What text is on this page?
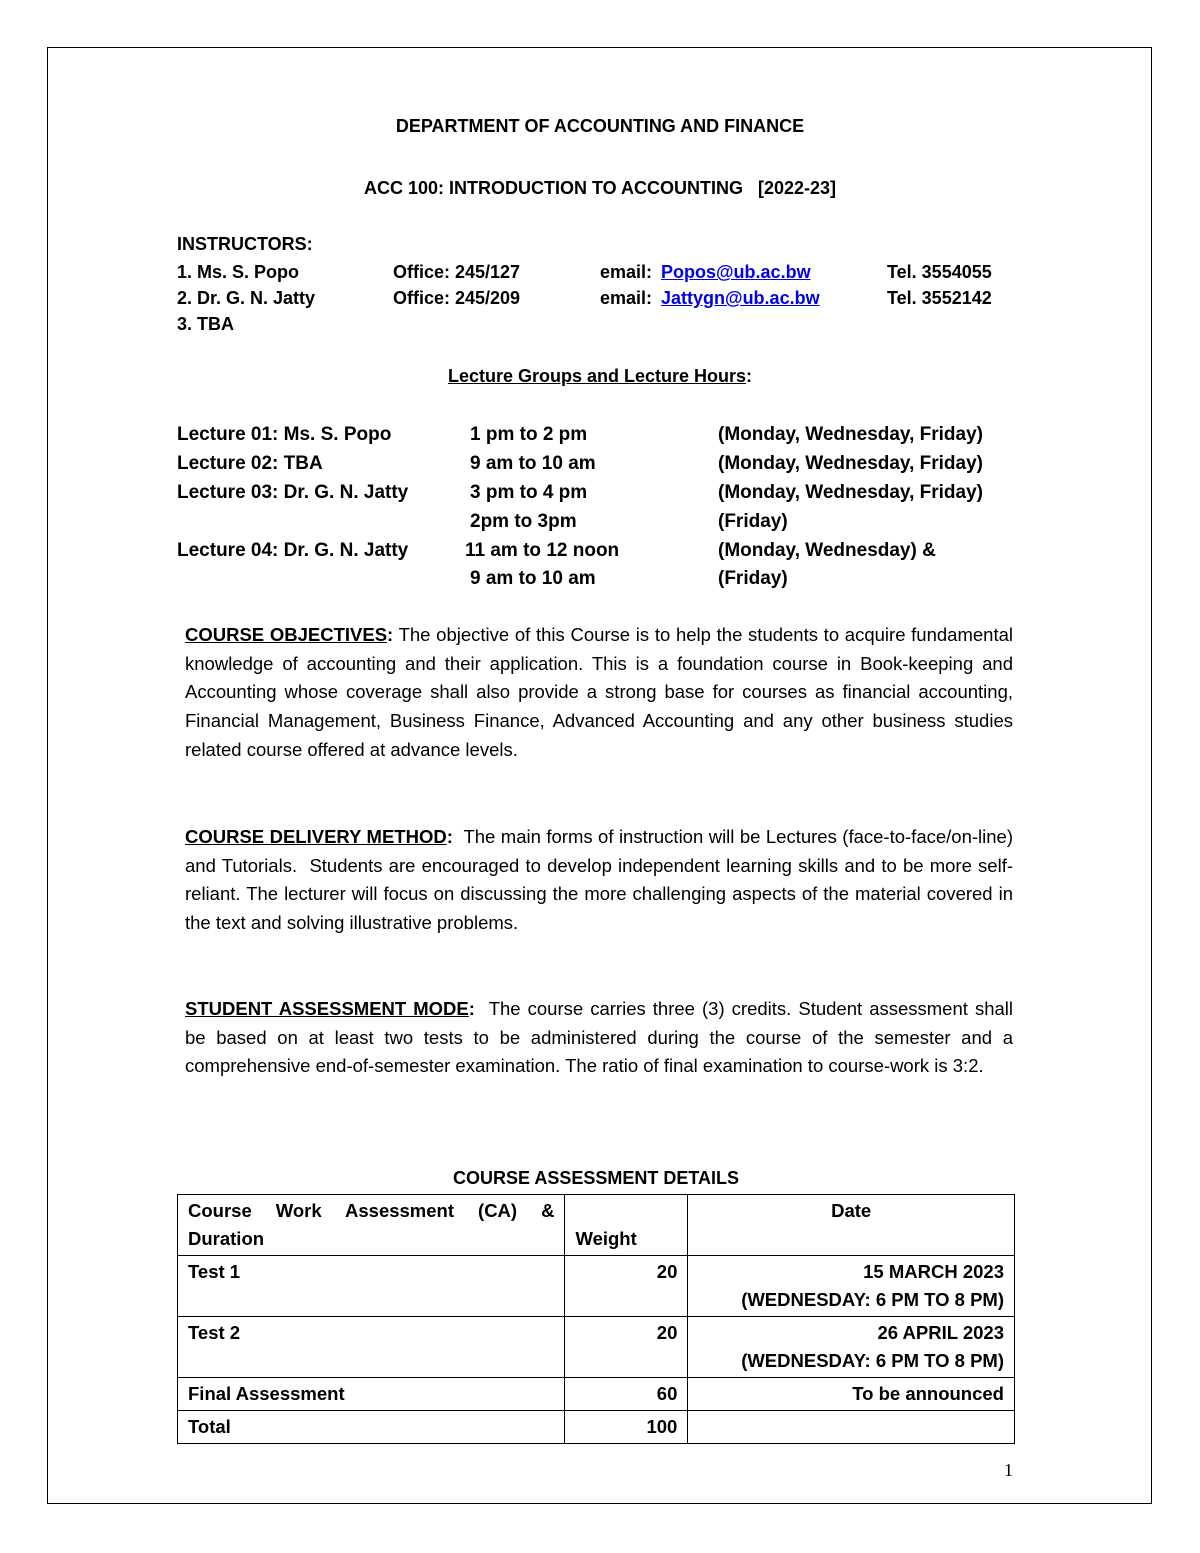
DEPARTMENT OF ACCOUNTING AND FINANCE
ACC 100: INTRODUCTION TO ACCOUNTING   [2022-23]
INSTRUCTORS:
1. Ms. S. Popo	Office: 245/127	email: Popos@ub.ac.bw	Tel. 3554055
2. Dr. G. N. Jatty	Office: 245/209	email: Jattygn@ub.ac.bw	Tel. 3552142
3. TBA
Lecture Groups and Lecture Hours:
Lecture 01: Ms. S. Popo	1 pm to 2 pm	(Monday, Wednesday, Friday)
Lecture 02: TBA	9 am to 10 am	(Monday, Wednesday, Friday)
Lecture 03: Dr. G. N. Jatty	3 pm to 4 pm	(Monday, Wednesday, Friday)
2pm to 3pm	(Friday)
Lecture 04: Dr. G. N. Jatty	11 am to 12 noon	(Monday, Wednesday) &
9 am to 10 am	(Friday)
COURSE OBJECTIVES: The objective of this Course is to help the students to acquire fundamental knowledge of accounting and their application. This is a foundation course in Book-keeping and Accounting whose coverage shall also provide a strong base for courses as financial accounting,  Financial Management, Business Finance, Advanced Accounting and any other business studies related course offered at advance levels.
COURSE DELIVERY METHOD:  The main forms of instruction will be Lectures (face-to-face/on-line) and Tutorials.  Students are encouraged to develop independent learning skills and to be more self-reliant. The lecturer will focus on discussing the more challenging aspects of the material covered in the text and solving illustrative problems.
STUDENT ASSESSMENT MODE:  The course carries three (3) credits. Student assessment shall be based on at least two tests to be administered during the course of the semester and a comprehensive end-of-semester examination. The ratio of final examination to course-work is 3:2.
COURSE ASSESSMENT DETAILS
Course Work Assessment (CA) & Duration	Weight	Date
Test 1	20	15 MARCH 2023
(WEDNESDAY: 6 PM TO 8 PM)

Test 2	20	26 APRIL 2023
(WEDNESDAY: 6 PM TO 8 PM)

Final Assessment	60	To be announced
Total	100	
1
